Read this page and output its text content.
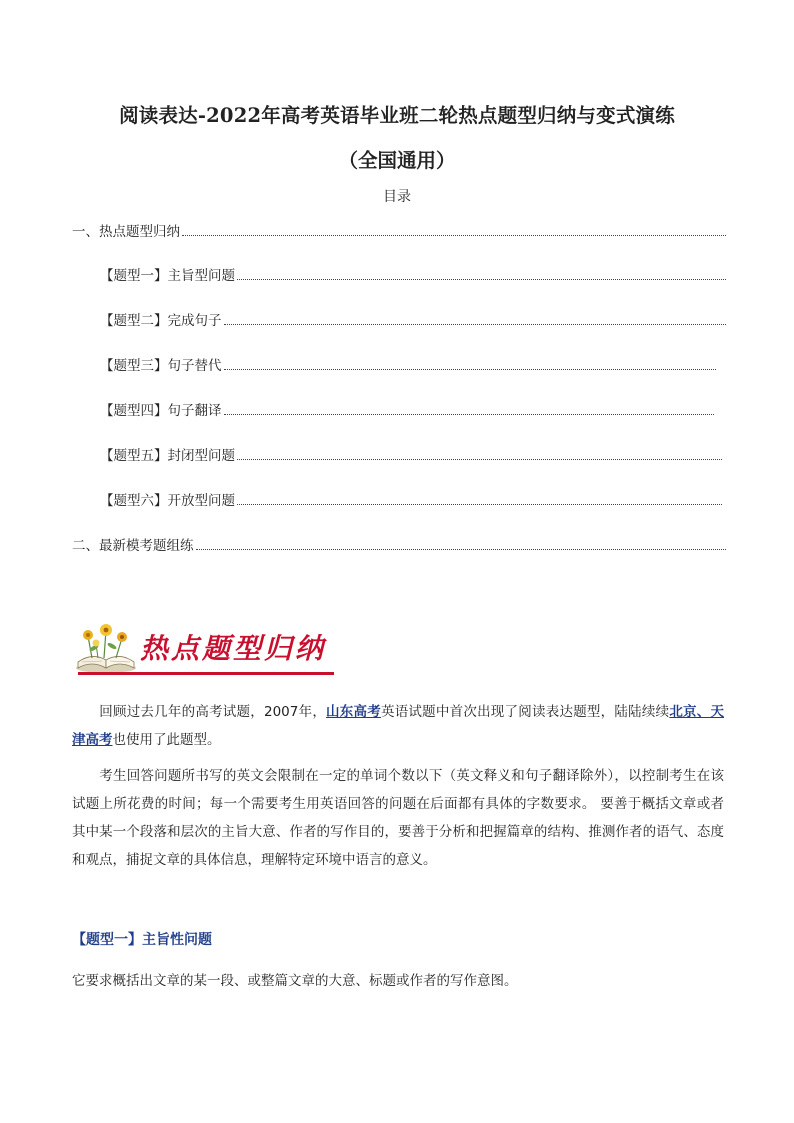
阅读表达-2022年高考英语毕业班二轮热点题型归纳与变式演练
（全国通用）
目录
一、热点题型归纳
【题型一】主旨型问题
【题型二】完成句子
【题型三】句子替代
【题型四】句子翻译
【题型五】封闭型问题
【题型六】开放型问题
二、最新模考题组练
热点题型归纳
回顾过去几年的高考试题，2007年，山东高考英语试题中首次出现了阅读表达题型，陆陆续续北京、天津高考也使用了此题型。
考生回答问题所书写的英文会限制在一定的单词个数以下（英文释义和句子翻译除外），以控制考生在该试题上所花费的时间；每一个需要考生用英语回答的问题在后面都有具体的字数要求。 要善于概括文章或者其中某一个段落和层次的主旨大意、作者的写作目的，要善于分析和把握篇章的结构、推测作者的语气、态度和观点，捕捉文章的具体信息，理解特定环境中语言的意义。
【题型一】主旨性问题
它要求概括出文章的某一段、或整篇文章的大意、标题或作者的写作意图。
